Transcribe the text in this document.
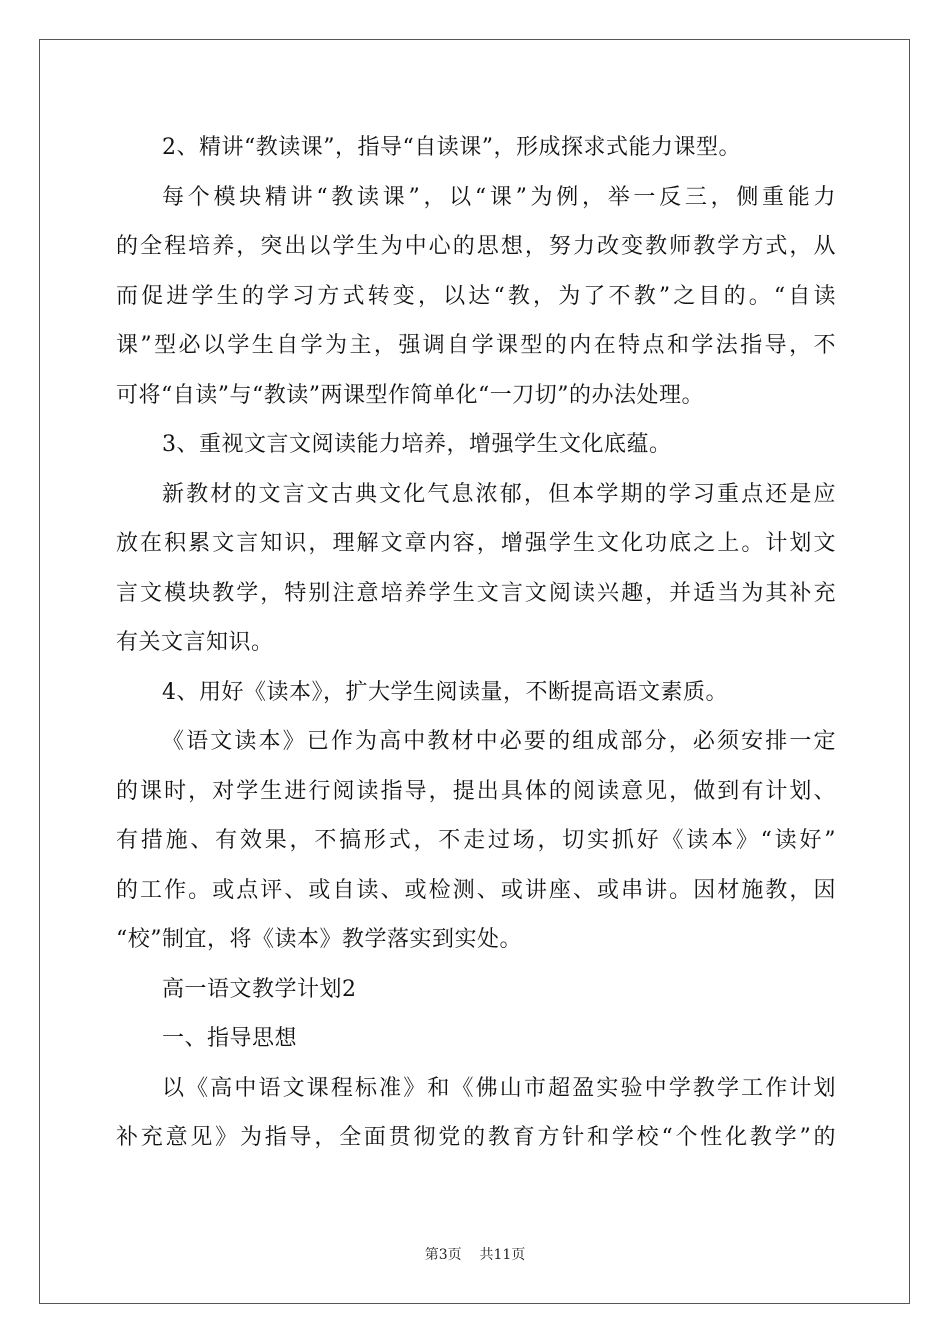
2、精讲“教读课”，指导“自读课”，形成探求式能力课型。
每个模块精讲“教读课”，以“课”为例，举一反三，侧重能力
的全程培养，突出以学生为中心的思想，努力改变教师教学方式，从
而促进学生的学习方式转变，以达“教，为了不教”之目的。“自读
课”型必以学生自学为主，强调自学课型的内在特点和学法指导，不
可将“自读”与“教读”两课型作简单化“一刀切”的办法处理。
3、重视文言文阅读能力培养，增强学生文化底蕴。
新教材的文言文古典文化气息浓郁，但本学期的学习重点还是应
放在积累文言知识，理解文章内容，增强学生文化功底之上。计划文
言文模块教学，特别注意培养学生文言文阅读兴趣，并适当为其补充
有关文言知识。
4、用好《读本》，扩大学生阅读量，不断提高语文素质。
《语文读本》已作为高中教材中必要的组成部分，必须安排一定
的课时，对学生进行阅读指导，提出具体的阅读意见，做到有计划、
有措施、有效果，不搞形式，不走过场，切实抓好《读本》“读好”
的工作。或点评、或自读、或检测、或讲座、或串讲。因材施教，因
“校”制宜，将《读本》教学落实到实处。
高一语文教学计划2
一、指导思想
以《高中语文课程标准》和《佛山市超盈实验中学教学工作计划
补充意见》为指导，全面贯彻党的教育方针和学校“个性化教学”的
第3页 共11页
